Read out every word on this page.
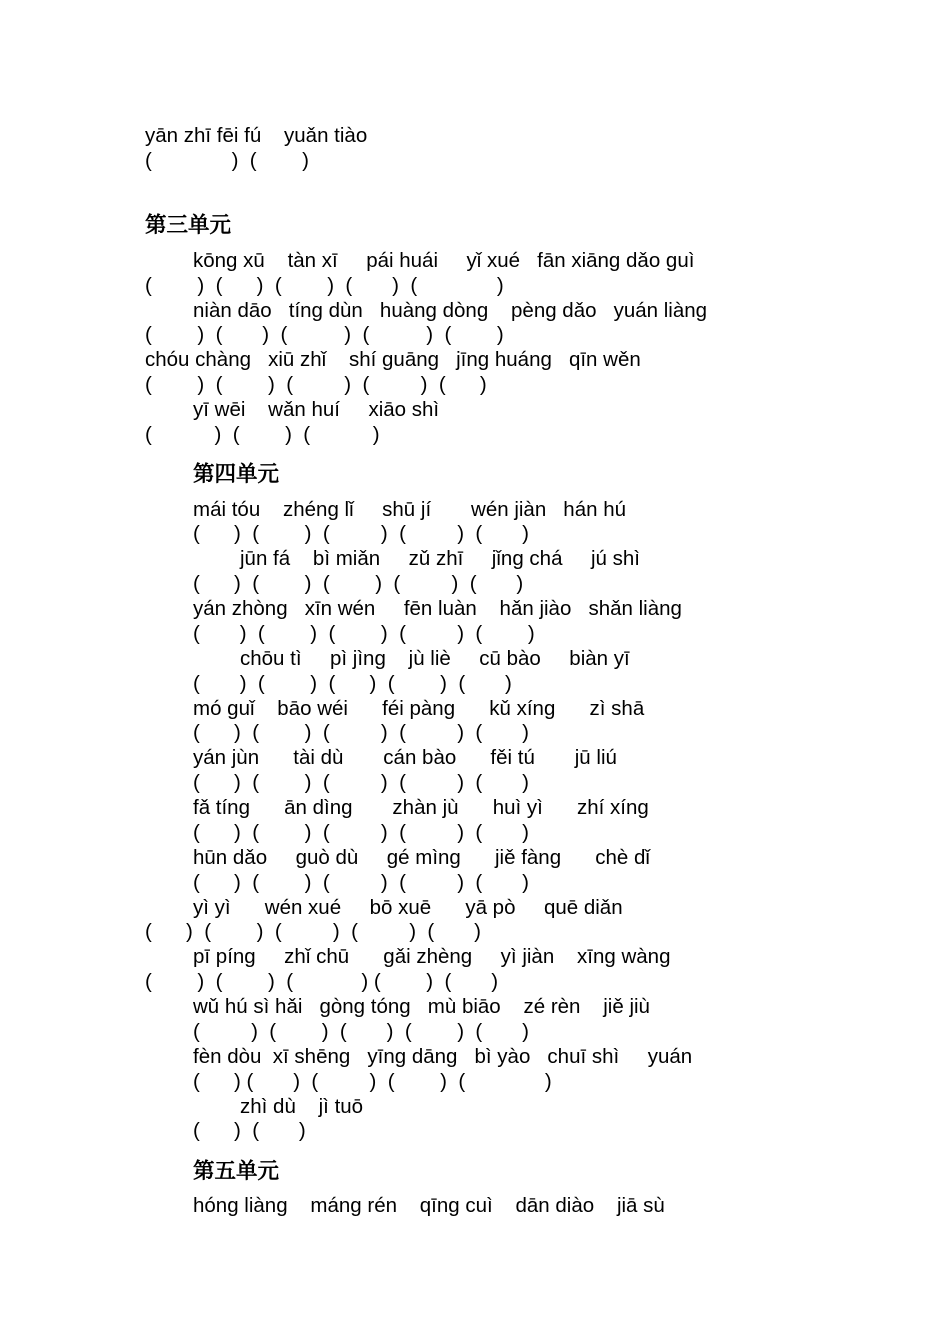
yān zhī fēi fú    yuǎn tiào
(              )  (        )
第三单元
kōng xū    tàn xī     pái huái     yǐ xué   fān xiāng dǎo guì
(        )  (      )  (        )  (       )  (              )
niàn dāo   tíng dùn   huàng dòng    pèng dǎo   yuán liàng
(        )  (       )  (          )  (          )  (        )
chóu chàng   xiū zhǐ    shí guāng   jīng huáng   qīn wěn
(        )  (        )  (         )  (         )  (      )
yī wēi    wǎn huí     xiāo shì
(           )  (        )  (           )
第四单元
mái tóu    zhéng lǐ     shū jí       wén jiàn   hán hú
(      )  (        )  (         )  (         )  (       )
jūn fá    bì miǎn     zǔ zhī     jǐng chá     jú shì
(      )  (        )  (        )  (         )  (       )
yán zhòng   xīn wén     fēn luàn    hǎn jiào   shǎn liàng
(       )  (        )  (        )  (         )  (        )
chōu tì     pì jìng    jù liè     cū bào     biàn yī
(       )  (        )  (      )  (        )  (       )
mó guǐ    bāo wéi      féi pàng      kǔ xíng      zì shā
(      )  (        )  (         )  (         )  (       )
yán jùn      tài dù       cán bào      fěi tú       jū liú
(      )  (        )  (         )  (         )  (       )
fǎ tíng      ān dìng       zhàn jù      huì yì      zhí xíng
(      )  (        )  (         )  (         )  (       )
hūn dǎo     guò dù     gé mìng      jiě fàng      chè dǐ
(      )  (        )  (         )  (         )  (       )
yì yì      wén xué     bō xuē      yā pò     quē diǎn
(      )  (        )  (         )  (         )  (       )
pī píng     zhǐ chū      gǎi zhèng     yì jiàn    xīng wàng
(        )  (        )  (            ) (        )  (       )
wǔ hú sì hǎi   gòng tóng   mù biāo    zé rèn    jiě jiù
(         )  (        )  (       )  (        )  (       )
fèn dòu  xī shēng   yīng dāng   bì yào   chuī shì     yuán
(      ) (       )  (         )  (        )  (              )
zhì dù    jì tuō
(      )  (       )
第五单元
hóng liàng    máng rén    qīng cuì    dān diào    jiā sù
